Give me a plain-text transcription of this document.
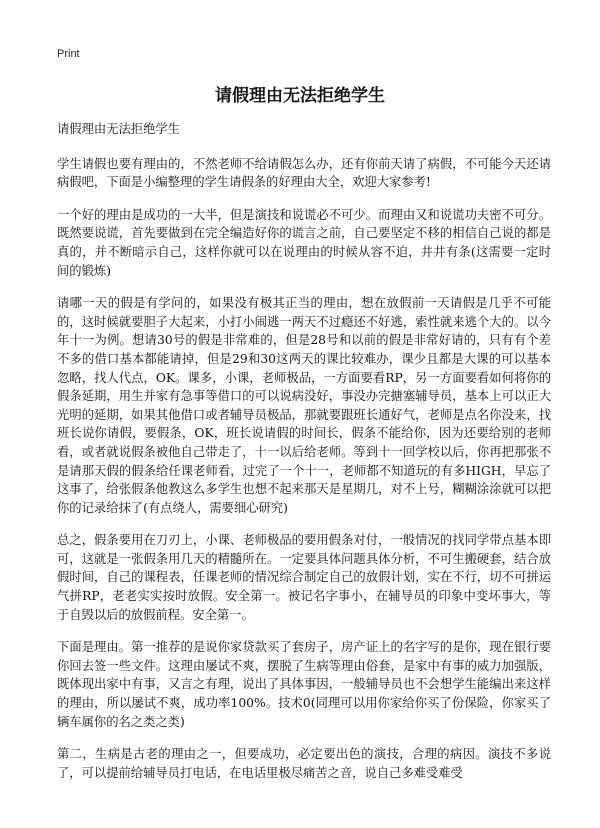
Print
请假理由无法拒绝学生

请假理由无法拒绝学生

学生请假也要有理由的，不然老师不给请假怎么办，还有你前天请了病假，不可能今天还请病假吧，下面是小编整理的学生请假条的好理由大全，欢迎大家参考!

一个好的理由是成功的一大半，但是演技和说谎必不可少。而理由又和说谎功夫密不可分。既然要说谎，首先要做到在完全编造好你的谎言之前，自己要坚定不移的相信自己说的都是真的，并不断暗示自己，这样你就可以在说理由的时候从容不迫，井井有条(这需要一定时间的锻炼)

请哪一天的假是有学问的，如果没有极其正当的理由，想在放假前一天请假是几乎不可能的，这时候就要胆子大起来，小打小闹逃一两天不过瘾还不好逃，索性就来逃个大的。以今年十一为例。想请30号的假是非常难的，但是28号和以前的假是非常好请的，只有有个差不多的借口基本都能请掉，但是29和30这两天的课比较难办，课少且都是大课的可以基本忽略，找人代点，OK。课多，小课，老师极品，一方面要看RP，另一方面要看如何将你的假条延期，用生并家有急事等借口的可以说病没好，事没办完搪塞辅导员，基本上可以正大光明的延期，如果其他借口或者辅导员极品，那就要跟班长通好气，老师是点名你没来，找班长说你请假，要假条，OK，班长说请假的时间长，假条不能给你，因为还要给别的老师看，或者就说假条被他自己带走了，十一以后给老师。等到十一回学校以后，你再把那张不是请那天假的假条给任课老师看，过完了一个十一，老师都不知道玩的有多HIGH，早忘了这事了，给张假条他教这么多学生也想不起来那天是星期几，对不上号，糊糊涂涂就可以把你的记录给抹了(有点绕人，需要细心研究)

总之，假条要用在刀刃上，小课、老师极品的要用假条对付，一般情况的找同学带点基本即可，这就是一张假条用几天的精髓所在。一定要具体问题具体分析，不可生搬硬套，结合放假时间，自己的课程表，任课老师的情况综合制定自己的放假计划，实在不行，切不可拼运气拼RP，老老实实按时放假。安全第一。被记名字事小，在辅导员的印象中变坏事大，等于自毁以后的放假前程。安全第一。

下面是理由。第一推荐的是说你家贷款买了套房子，房产证上的名字写的是你，现在银行要你回去签一些文件。这理由屡试不爽，摆脱了生病等理由俗套，是家中有事的威力加强版，既体现出家中有事，又言之有理，说出了具体事因，一般辅导员也不会想学生能编出来这样的理由，所以屡试不爽，成功率100%。技术0(同理可以用你家给你买了份保险，你家买了辆车属你的名之类之类)

第二，生病是古老的理由之一，但要成功，必定要出色的演技，合理的病因。演技不多说了，可以提前给辅导员打电话，在电话里极尽痛苦之音，说自己多难受难受
